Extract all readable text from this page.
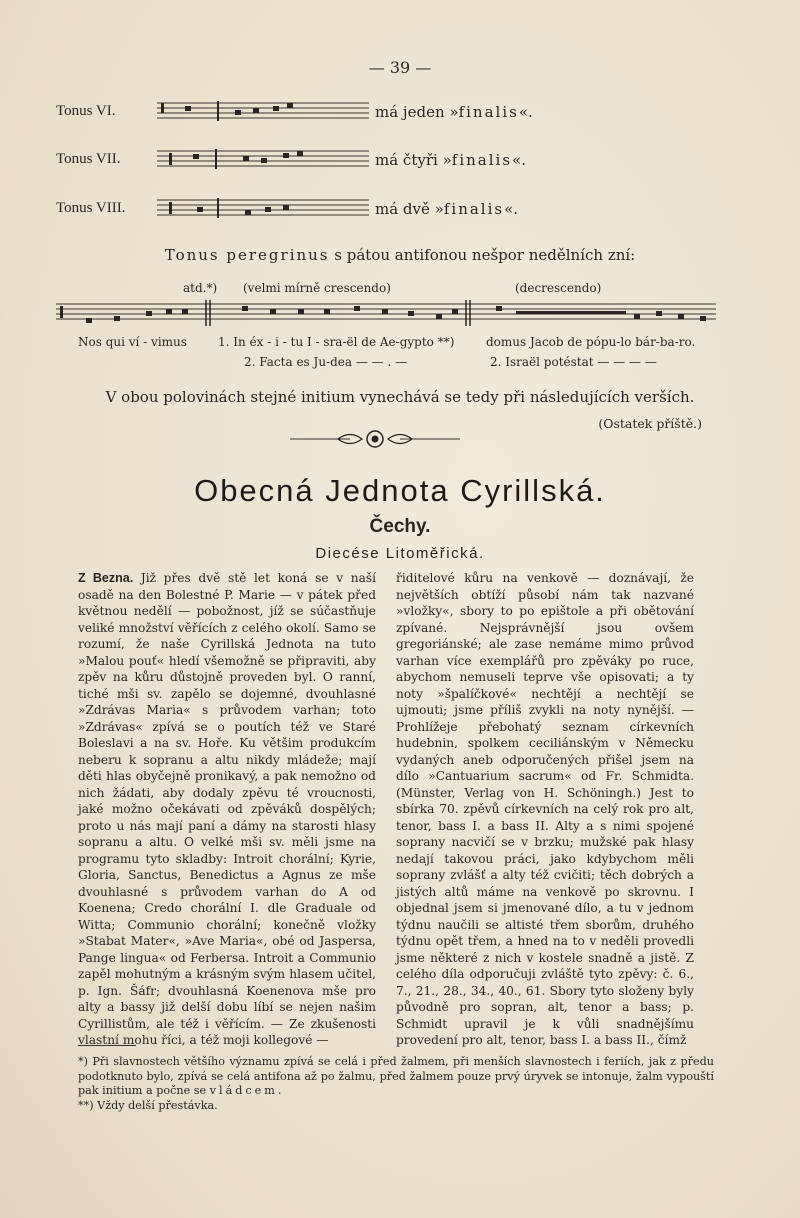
— 39 —
Tonus VI.	má jeden »finalis«.
Tonus VII.	má čtyři »finalis«.
Tonus VIII.	má dvě »finalis«.
Tonus peregrinus s pátou antifonou nešpor nedělních zní:
atd.*) (velmi mírně crescendo)	(decrescendo)
Nos qui ví - vimus	1. In éx - i - tu I - sra-ël de Ae-gypto **)	domus Jacob de pópu-lo bár-ba-ro.
2. Facta es Ju-dea — — . —	2. Israël potéstat — — — —
V obou polovinách stejné initium vynechává se tedy při následujících verších.
(Ostatek příště.)
Obecná Jednota Cyrillská.
Čechy.
Diecése Litoměřická.

Z Bezna. Již přes dvě stě let koná se v naší osadě na den Bolestné P. Marie — v pátek před květnou nedělí — pobožnost, jíž se súčastňuje veliké množství věřících z celého okolí. Samo se rozumí, že naše Cyrillská Jednota na tuto »Malou pouť« hledí všemožně se připraviti, aby zpěv na kůru důstojně proveden byl. O ranní, tiché mši sv. zapělo se dojemné, dvouhlasné »Zdrávas Maria« s průvodem varhan; toto »Zdrávas« zpívá se o poutích též ve Staré Boleslavi a na sv. Hoře. Ku většim produkcím neberu k sopranu a altu nikdy mládeže; mají děti hlas obyčejně pronikavý, a pak nemožno od nich žádati, aby dodaly zpěvu té vroucnosti, jaké možno očekávati od zpěváků dospělých; proto u nás mají paní a dámy na starosti hlasy sopranu a altu. O velké mši sv. měli jsme na programu tyto skladby: Introit chorální; Kyrie, Gloria, Sanctus, Benedictus a Agnus ze mše dvouhlasné s průvodem varhan do A od Koenena; Credo chorální I. dle Graduale od Witta; Communio chorální; konečně vložky »Stabat Mater«, »Ave Maria«, obé od Jaspersa, Pange lingua« od Ferbersa. Introit a Communio zapěl mohutným a krásným svým hlasem učitel, p. Ign. Šáfr; dvouhlasná Koenenova mše pro alty a bassy již delší dobu líbí se nejen našim Cyrillistům, ale též i věřícím. — Ze zkušenosti vlastní mohu říci, a též moji kollegové —

řiditelové kůru na venkově — doznávají, že největších obtíží působí nám tak nazvané »vložky«, sbory to po epištole a při obětování zpívané. Nejsprávnější jsou ovšem gregoriánské; ale zase nemáme mimo průvod varhan více exemplářů pro zpěváky po ruce, abychom nemuseli teprve vše opisovati; a ty noty »špalíčkové« nechtějí a nechtějí se ujmouti; jsme příliš zvykli na noty nynější. — Prohlížeje přebohatý seznam církevních hudebnin, spolkem ceciliánským v Německu vydaných aneb odporučených přišel jsem na dílo »Cantuarium sacrum« od Fr. Schmidta. (Münster, Verlag von H. Schöningh.) Jest to sbírka 70. zpěvů církevních na celý rok pro alt, tenor, bass I. a bass II. Alty a s nimi spojené soprany nacvičí se v brzku; mužské pak hlasy nedají takovou práci, jako kdybychom měli soprany zvlášť a alty též cvičiti; těch dobrých a jistých altů máme na venkově po skrovnu. I objednal jsem si jmenované dílo, a tu v jednom týdnu naučili se altisté třem sborům, druhého týdnu opět třem, a hned na to v neděli provedli jsme některé z nich v kostele snadně a jistě. Z celého díla odporučuji zvláště tyto zpěvy: č. 6., 7., 21., 28., 34., 40., 61. Sbory tyto složeny byly původně pro sopran, alt, tenor a bass; p. Schmidt upravil je k vůli snadnějšímu provedení pro alt, tenor, bass I. a bass II., čímž

*) Při slavnostech většího významu zpívá se celá i před žalmem, při menších slavnostech i feriích, jak z předu podotknuto bylo, zpívá se celá antifona až po žalmu, před žalmem pouze prvý úryvek se intonuje, žalm vypouští pak initium a počne se vládcem.

**) Vždy delší přestávka.
